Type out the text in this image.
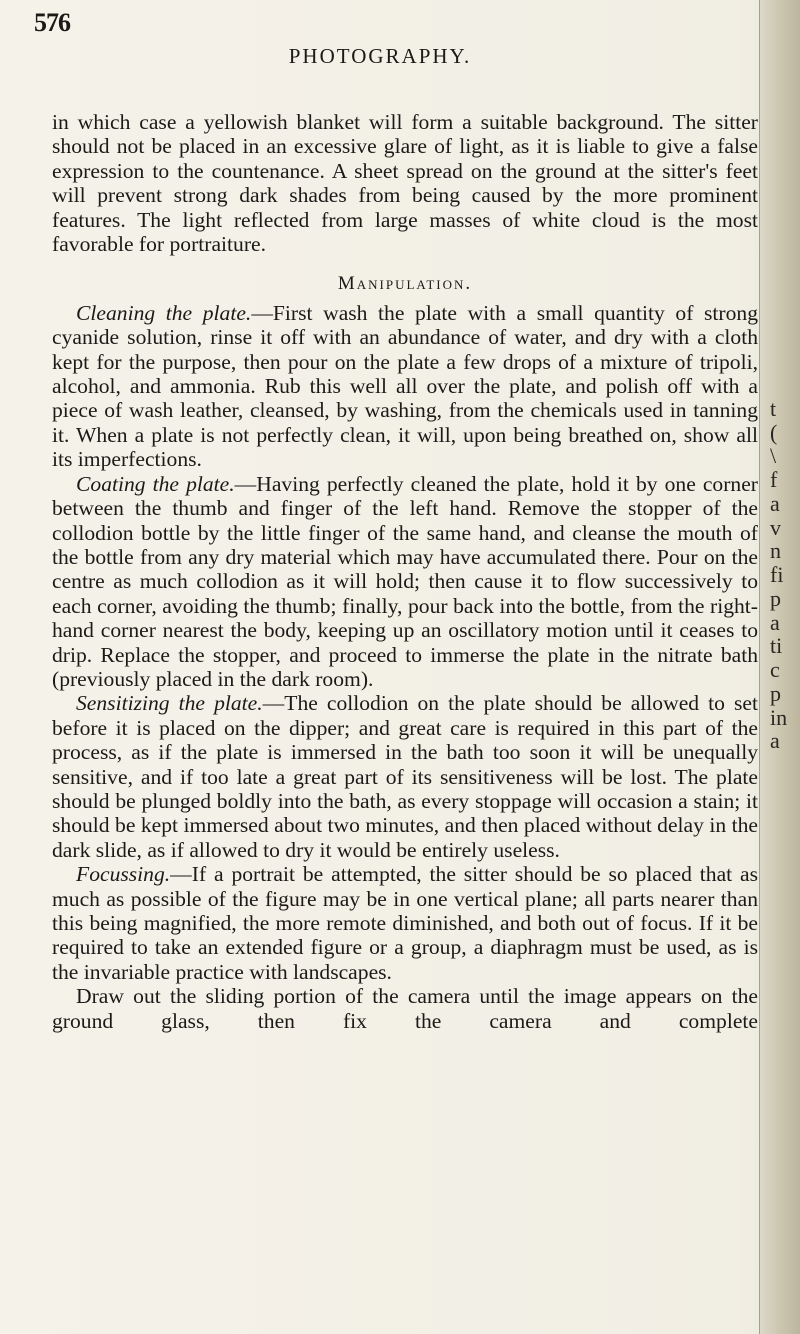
576
PHOTOGRAPHY.

in which case a yellowish blanket will form a suitable background. The sitter should not be placed in an excessive glare of light, as it is liable to give a false expression to the countenance. A sheet spread on the ground at the sitter's feet will prevent strong dark shades from being caused by the more prominent features. The light reflected from large masses of white cloud is the most favorable for portraiture.

Manipulation.

Cleaning the plate.—First wash the plate with a small quantity of strong cyanide solution, rinse it off with an abundance of water, and dry with a cloth kept for the purpose, then pour on the plate a few drops of a mixture of tripoli, alcohol, and ammonia. Rub this well all over the plate, and polish off with a piece of wash leather, cleansed, by washing, from the chemicals used in tanning it. When a plate is not perfectly clean, it will, upon being breathed on, show all its imperfections.

Coating the plate.—Having perfectly cleaned the plate, hold it by one corner between the thumb and finger of the left hand. Remove the stopper of the collodion bottle by the little finger of the same hand, and cleanse the mouth of the bottle from any dry material which may have accumulated there. Pour on the centre as much collodion as it will hold; then cause it to flow successively to each corner, avoiding the thumb; finally, pour back into the bottle, from the right-hand corner nearest the body, keeping up an oscillatory motion until it ceases to drip. Replace the stopper, and proceed to immerse the plate in the nitrate bath (previously placed in the dark room).

Sensitizing the plate.—The collodion on the plate should be allowed to set before it is placed on the dipper; and great care is required in this part of the process, as if the plate is immersed in the bath too soon it will be unequally sensitive, and if too late a great part of its sensitiveness will be lost. The plate should be plunged boldly into the bath, as every stoppage will occasion a stain; it should be kept immersed about two minutes, and then placed without delay in the dark slide, as if allowed to dry it would be entirely useless.

Focussing.—If a portrait be attempted, the sitter should be so placed that as much as possible of the figure may be in one vertical plane; all parts nearer than this being magnified, the more remote diminished, and both out of focus. If it be required to take an extended figure or a group, a diaphragm must be used, as is the invariable practice with landscapes.

Draw out the sliding portion of the camera until the image appears on the ground glass, then fix the camera and complete

t
(
\
f
a
v
n
fi
p
a
ti
c
p
in
a
